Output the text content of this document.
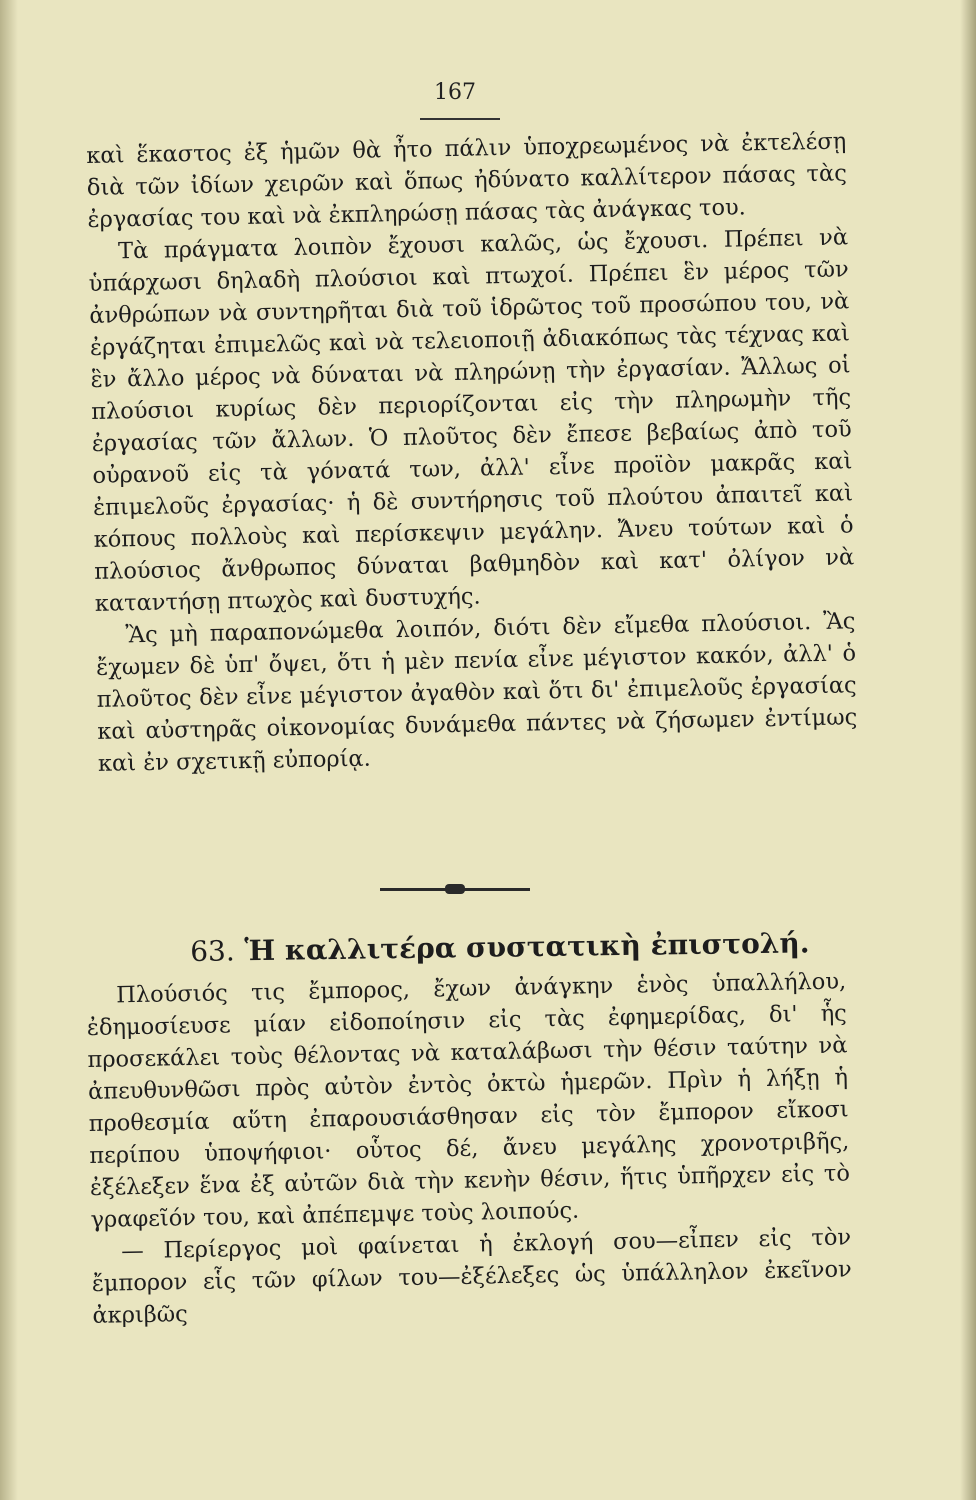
167

καὶ ἕκαστος ἐξ ἡμῶν θὰ ἦτο πάλιν ὑποχρεωμένος νὰ ἐκτελέσῃ διὰ τῶν ἰδίων χειρῶν καὶ ὅπως ἠδύνατο καλλίτερον πάσας τὰς ἐργασίας του καὶ νὰ ἐκπληρώσῃ πάσας τὰς ἀνάγκας του.

Τὰ πράγματα λοιπὸν ἔχουσι καλῶς, ὡς ἔχουσι. Πρέπει νὰ ὑπάρχωσι δηλαδὴ πλούσιοι καὶ πτωχοί. Πρέπει ἓν μέρος τῶν ἀνθρώπων νὰ συντηρῆται διὰ τοῦ ἱδρῶτος τοῦ προσώπου του, νὰ ἐργάζηται ἐπιμελῶς καὶ νὰ τελειοποιῇ ἀδιακόπως τὰς τέχνας καὶ ἓν ἄλλο μέρος νὰ δύναται νὰ πληρώνῃ τὴν ἐργασίαν. Ἄλλως οἱ πλούσιοι κυρίως δὲν περιορίζονται εἰς τὴν πληρωμὴν τῆς ἐργασίας τῶν ἄλλων. Ὁ πλοῦτος δὲν ἔπεσε βεβαίως ἀπὸ τοῦ οὐρανοῦ εἰς τὰ γόνατά των, ἀλλ' εἶνε προϊὸν μακρᾶς καὶ ἐπιμελοῦς ἐργασίας· ἡ δὲ συντήρησις τοῦ πλούτου ἀπαιτεῖ καὶ κόπους πολλοὺς καὶ περίσκεψιν μεγάλην. Ἄνευ τούτων καὶ ὁ πλούσιος ἄνθρωπος δύναται βαθμηδὸν καὶ κατ' ὀλίγον νὰ καταντήσῃ πτωχὸς καὶ δυστυχής.

Ἂς μὴ παραπονώμεθα λοιπόν, διότι δὲν εἴμεθα πλούσιοι. Ἂς ἔχωμεν δὲ ὑπ' ὄψει, ὅτι ἡ μὲν πενία εἶνε μέγιστον κακόν, ἀλλ' ὁ πλοῦτος δὲν εἶνε μέγιστον ἀγαθὸν καὶ ὅτι δι' ἐπιμελοῦς ἐργασίας καὶ αὐστηρᾶς οἰκονομίας δυνάμεθα πάντες νὰ ζήσωμεν ἐντίμως καὶ ἐν σχετικῇ εὐπορίᾳ.

63. Ἡ καλλιτέρα συστατικὴ ἐπιστολή.

Πλούσιός τις ἔμπορος, ἔχων ἀνάγκην ἑνὸς ὑπαλλήλου, ἐδημοσίευσε μίαν εἰδοποίησιν εἰς τὰς ἐφημερίδας, δι' ἧς προσεκάλει τοὺς θέλοντας νὰ καταλάβωσι τὴν θέσιν ταύτην νὰ ἀπευθυνθῶσι πρὸς αὐτὸν ἐντὸς ὀκτὼ ἡμερῶν. Πρὶν ἡ λήξῃ ἡ προθεσμία αὕτη ἐπαρουσιάσθησαν εἰς τὸν ἔμπορον εἴκοσι περίπου ὑποψήφιοι· οὗτος δέ, ἄνευ μεγάλης χρονοτριβῆς, ἐξέλεξεν ἕνα ἐξ αὐτῶν διὰ τὴν κενὴν θέσιν, ἥτις ὑπῆρχεν εἰς τὸ γραφεῖόν του, καὶ ἀπέπεμψε τοὺς λοιπούς.

— Περίεργος μοὶ φαίνεται ἡ ἐκλογή σου—εἶπεν εἰς τὸν ἔμπορον εἷς τῶν φίλων του—ἐξέλεξες ὡς ὑπάλληλον ἐκεῖνον ἀκριβῶς
